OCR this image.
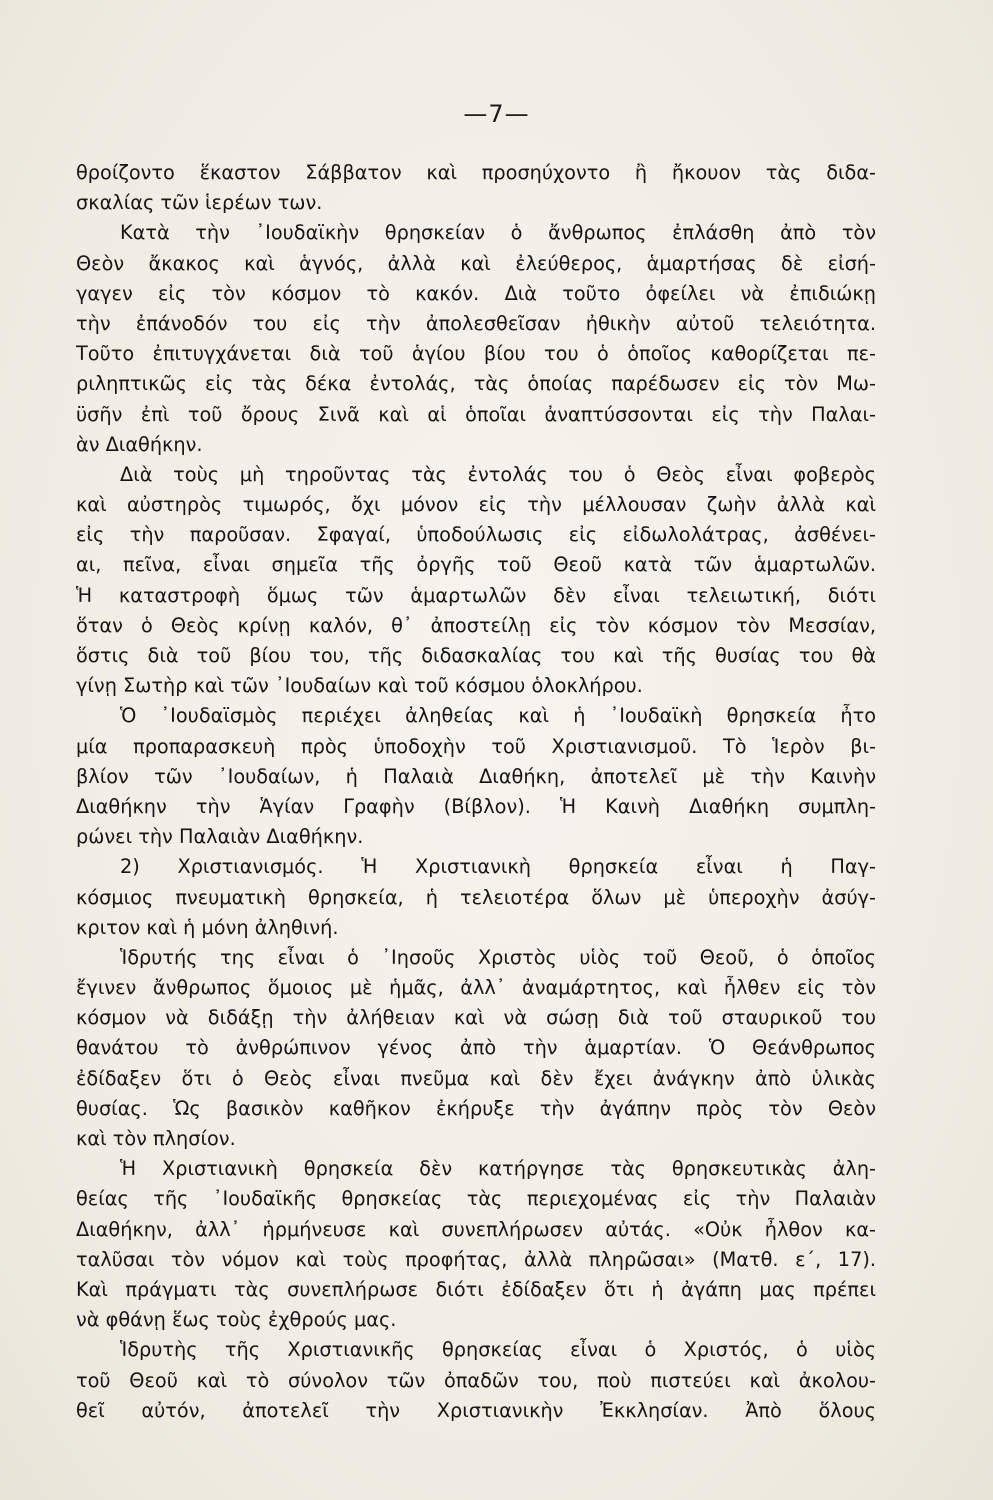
—7—
θροίζοντο ἕκαστον Σάββατον καὶ προσηύχοντο ἢ ἤκουον τὰς διδα-
σκαλίας τῶν ἱερέων των.
Κατὰ τὴν ᾿Ιουδαϊκὴν θρησκείαν ὁ ἄνθρωπος ἐπλάσθη ἀπὸ τὸν
Θεὸν ἄκακος καὶ ἁγνός, ἀλλὰ καὶ ἐλεύθερος, ἁμαρτήσας δὲ εἰσή-
γαγεν εἰς τὸν κόσμον τὸ κακόν. Διὰ τοῦτο ὀφείλει νὰ ἐπιδιώκῃ
τὴν ἐπάνοδόν του εἰς τὴν ἀπολεσθεῖσαν ἠθικὴν αὐτοῦ τελειότητα.
Τοῦτο ἐπιτυγχάνεται διὰ τοῦ ἁγίου βίου του ὁ ὁποῖος καθορίζεται πε-
ριληπτικῶς εἰς τὰς δέκα ἐντολάς, τὰς ὁποίας παρέδωσεν εἰς τὸν Μω-
ϋσῆν ἐπὶ τοῦ ὄρους Σινᾶ καὶ αἱ ὁποῖαι ἀναπτύσσονται εἰς τὴν Παλαι-
ὰν Διαθήκην.
Διὰ τοὺς μὴ τηροῦντας τὰς ἐντολάς του ὁ Θεὸς εἶναι φοβερὸς
καὶ αὐστηρὸς τιμωρός, ὄχι μόνον εἰς τὴν μέλλουσαν ζωὴν ἀλλὰ καὶ
εἰς τὴν παροῦσαν. Σφαγαί, ὑποδούλωσις εἰς εἰδωλολάτρας, ἀσθένει-
αι, πεῖνα, εἶναι σημεῖα τῆς ὀργῆς τοῦ Θεοῦ κατὰ τῶν ἁμαρτωλῶν.
Ἡ καταστροφὴ ὅμως τῶν ἁμαρτωλῶν δὲν εἶναι τελειωτική, διότι
ὅταν ὁ Θεὸς κρίνῃ καλόν, θ᾽ ἀποστείλῃ εἰς τὸν κόσμον τὸν Μεσσίαν,
ὅστις διὰ τοῦ βίου του, τῆς διδασκαλίας του καὶ τῆς θυσίας του θὰ
γίνῃ Σωτὴρ καὶ τῶν ᾿Ιουδαίων καὶ τοῦ κόσμου ὁλοκλήρου.
Ὁ ᾿Ιουδαϊσμὸς περιέχει ἀληθείας καὶ ἡ ᾿Ιουδαϊκὴ θρησκεία ἦτο
μία προπαρασκευὴ πρὸς ὑποδοχὴν τοῦ Χριστιανισμοῦ. Τὸ Ἱερὸν βι-
βλίον τῶν ᾿Ιουδαίων, ἡ Παλαιὰ Διαθήκη, ἀποτελεῖ μὲ τὴν Καινὴν
Διαθήκην τὴν Ἁγίαν Γραφὴν (Βίβλον). Ἡ Καινὴ Διαθήκη συμπλη-
ρώνει τὴν Παλαιὰν Διαθήκην.
2) Χριστιανισμός. Ἡ Χριστιανικὴ θρησκεία εἶναι ἡ Παγ-
κόσμιος πνευματικὴ θρησκεία, ἡ τελειοτέρα ὅλων μὲ ὑπεροχὴν ἀσύγ-
κριτον καὶ ἡ μόνη ἀληθινή.
Ἱδρυτής της εἶναι ὁ ᾿Ιησοῦς Χριστὸς υἱὸς τοῦ Θεοῦ, ὁ ὁποῖος
ἔγινεν ἄνθρωπος ὅμοιος μὲ ἡμᾶς, ἀλλ᾽ ἀναμάρτητος, καὶ ἦλθεν εἰς τὸν
κόσμον νὰ διδάξῃ τὴν ἀλήθειαν καὶ νὰ σώσῃ διὰ τοῦ σταυρικοῦ του
θανάτου τὸ ἀνθρώπινον γένος ἀπὸ τὴν ἁμαρτίαν. Ὁ Θεάνθρωπος
ἐδίδαξεν ὅτι ὁ Θεὸς εἶναι πνεῦμα καὶ δὲν ἔχει ἀνάγκην ἀπὸ ὑλικὰς
θυσίας. Ὡς βασικὸν καθῆκον ἐκήρυξε τὴν ἀγάπην πρὸς τὸν Θεὸν
καὶ τὸν πλησίον.
Ἡ Χριστιανικὴ θρησκεία δὲν κατήργησε τὰς θρησκευτικὰς ἀλη-
θείας τῆς ᾿Ιουδαϊκῆς θρησκείας τὰς περιεχομένας εἰς τὴν Παλαιὰν
Διαθήκην, ἀλλ᾽ ἡρμήνευσε καὶ συνεπλήρωσεν αὐτάς. «Οὐκ ἦλθον κα-
ταλῦσαι τὸν νόμον καὶ τοὺς προφήτας, ἀλλὰ πληρῶσαι» (Ματθ. ε΄, 17).
Καὶ πράγματι τὰς συνεπλήρωσε διότι ἐδίδαξεν ὅτι ἡ ἀγάπη μας πρέπει
νὰ φθάνῃ ἕως τοὺς ἐχθρούς μας.
Ἱδρυτὴς τῆς Χριστιανικῆς θρησκείας εἶναι ὁ Χριστός, ὁ υἱὸς
τοῦ Θεοῦ καὶ τὸ σύνολον τῶν ὀπαδῶν του, ποὺ πιστεύει καὶ ἀκολου-
θεῖ αὐτόν, ἀποτελεῖ τὴν Χριστιανικὴν Ἐκκλησίαν. Ἀπὸ ὅλους
